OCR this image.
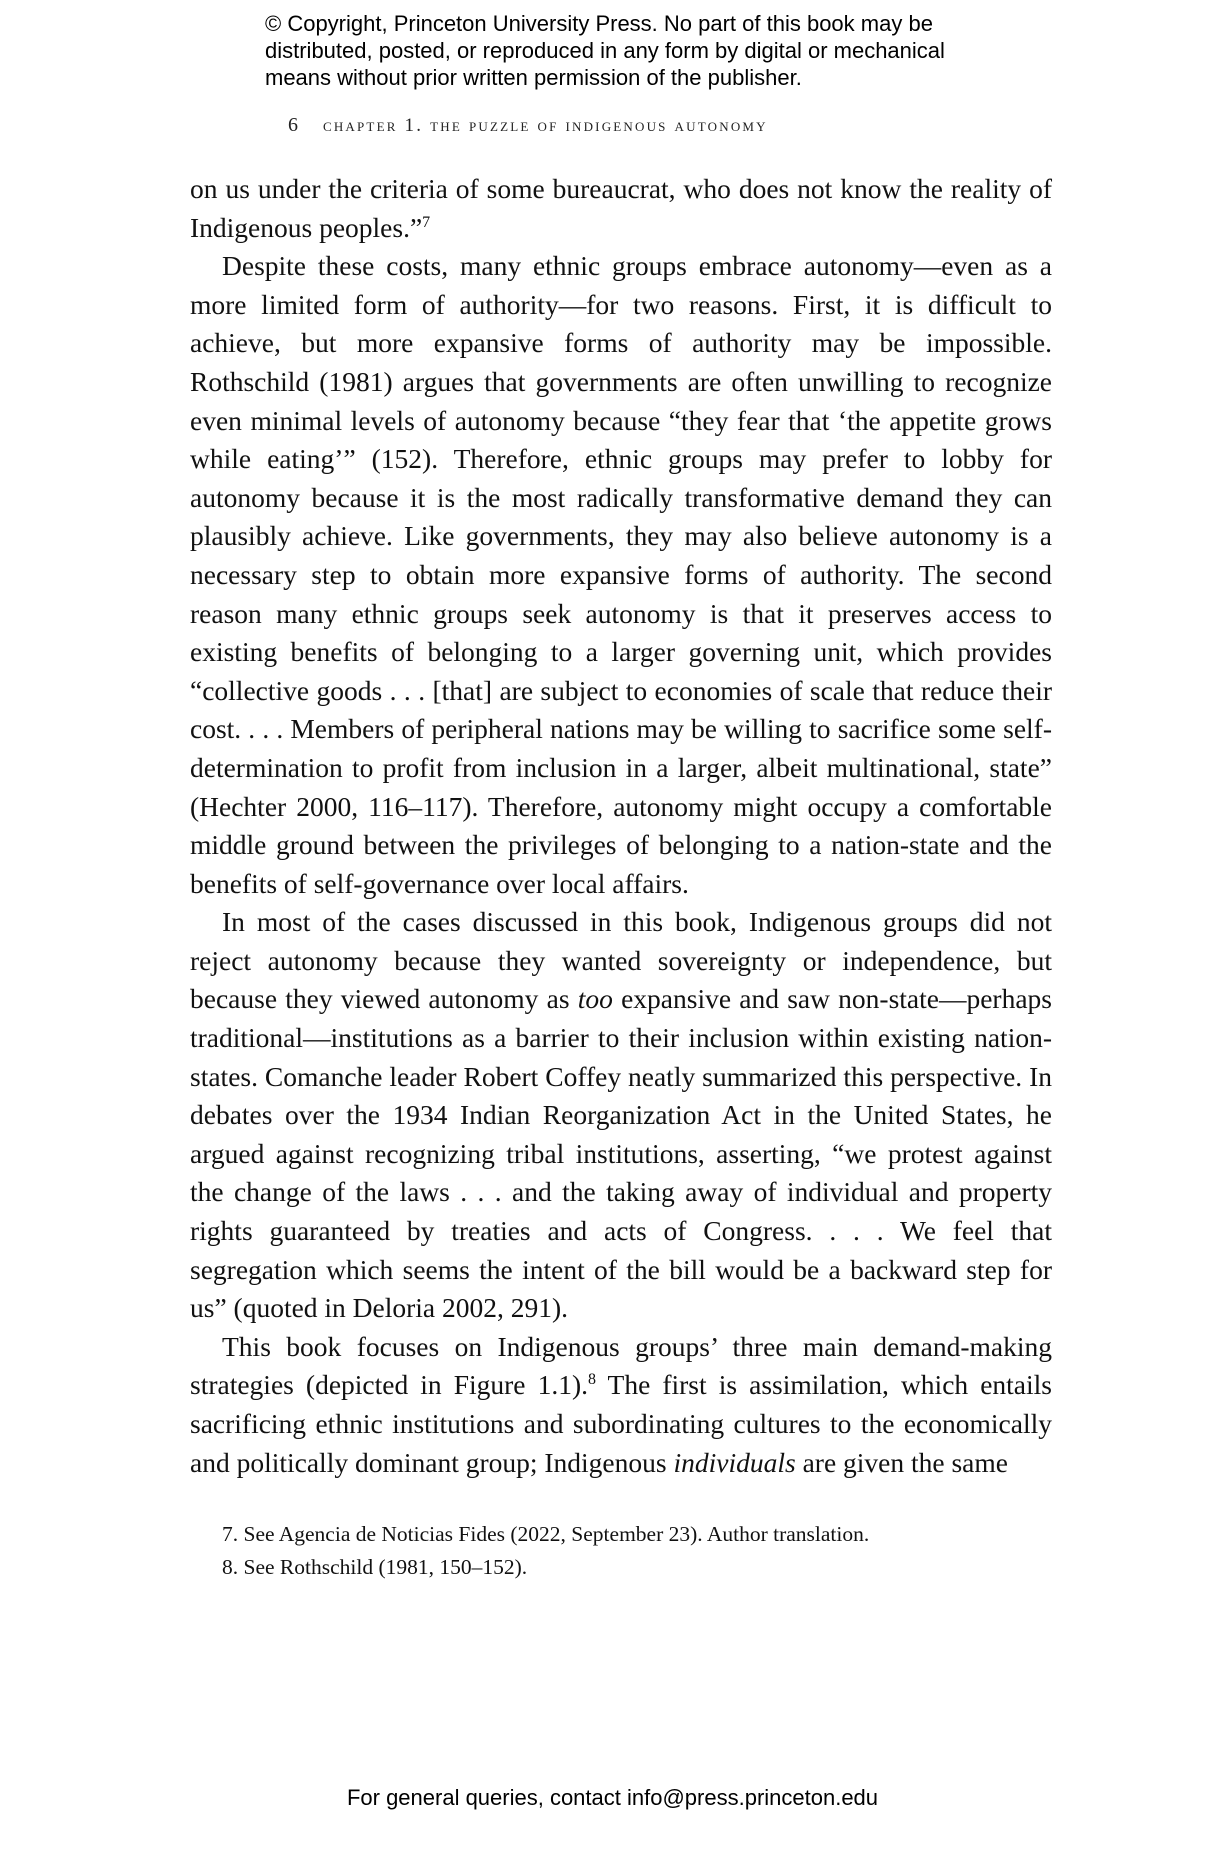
© Copyright, Princeton University Press. No part of this book may be
distributed, posted, or reproduced in any form by digital or mechanical
means without prior written permission of the publisher.
6 chapter 1. the puzzle of indigenous autonomy

on us under the criteria of some bureaucrat, who does not know the reality of Indigenous peoples.”$^7$

Despite these costs, many ethnic groups embrace autonomy—even as a more limited form of authority—for two reasons. First, it is difficult to achieve, but more expansive forms of authority may be impossible. Rothschild (1981) argues that governments are often unwilling to recognize even minimal levels of autonomy because “they fear that ‘the appetite grows while eating’” (152). Therefore, ethnic groups may prefer to lobby for autonomy because it is the most radically transformative demand they can plausibly achieve. Like governments, they may also believe autonomy is a necessary step to obtain more expansive forms of authority. The second reason many ethnic groups seek autonomy is that it preserves access to existing benefits of belonging to a larger governing unit, which provides “collective goods . . . [that] are subject to economies of scale that reduce their cost. . . . Members of peripheral nations may be willing to sacrifice some self-determination to profit from inclusion in a larger, albeit multinational, state” (Hechter 2000, 116–117). Therefore, autonomy might occupy a comfortable middle ground between the privileges of belonging to a nation-state and the benefits of self-governance over local affairs.

In most of the cases discussed in this book, Indigenous groups did not reject autonomy because they wanted sovereignty or independence, but because they viewed autonomy as too expansive and saw non-state—perhaps traditional—institutions as a barrier to their inclusion within existing nation-states. Comanche leader Robert Coffey neatly summarized this perspective. In debates over the 1934 Indian Reorganization Act in the United States, he argued against recognizing tribal institutions, asserting, “we protest against the change of the laws . . . and the taking away of individual and property rights guaranteed by treaties and acts of Congress. . . . We feel that segregation which seems the intent of the bill would be a backward step for us” (quoted in Deloria 2002, 291).

This book focuses on Indigenous groups’ three main demand-making strategies (depicted in Figure 1.1).$^8$ The first is assimilation, which entails sacrificing ethnic institutions and subordinating cultures to the economically and politically dominant group; Indigenous individuals are given the same

7. See Agencia de Noticias Fides (2022, September 23). Author translation.

8. See Rothschild (1981, 150–152).

For general queries, contact info@press.princeton.edu
